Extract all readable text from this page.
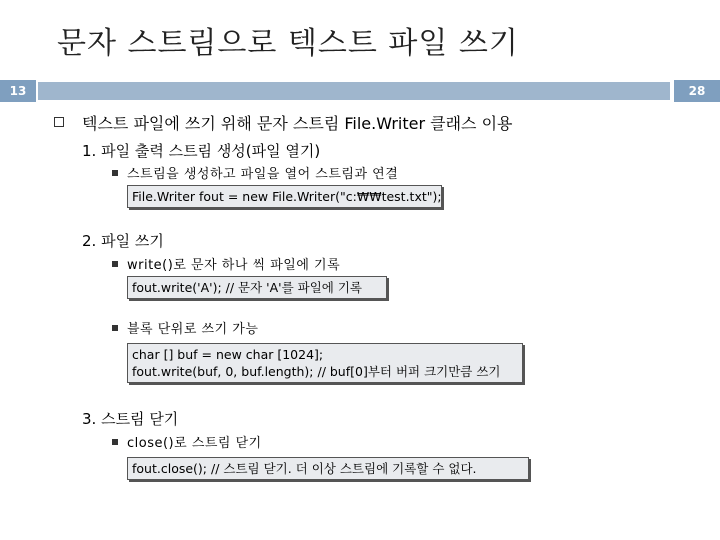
문자 스트림으로 텍스트 파일 쓰기
13	28
텍스트 파일에 쓰기 위해 문자 스트림 File.Writer 클래스 이용
1. 파일 출력 스트림 생성(파일 열기)
스트림을 생성하고 파일을 열어 스트림과 연결
File.Writer fout = new File.Writer("c:₩₩test.txt");
2. 파일 쓰기
write()로 문자 하나 씩 파일에 기록
fout.write('A'); // 문자 'A'를 파일에 기록
블록 단위로 쓰기 가능
char [] buf = new char [1024];
fout.write(buf, 0, buf.length); // buf[0]부터 버퍼 크기만큼 쓰기
3. 스트림 닫기
close()로 스트림 닫기
fout.close(); // 스트림 닫기. 더 이상 스트림에 기록할 수 없다.
